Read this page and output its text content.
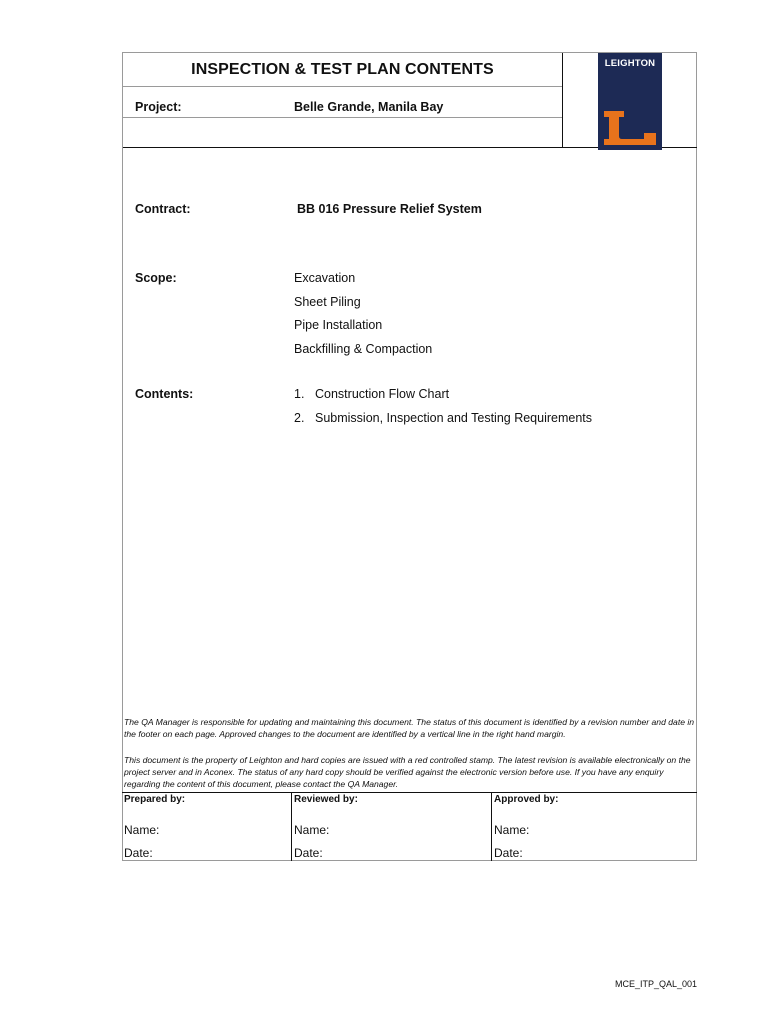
INSPECTION & TEST PLAN CONTENTS	LEIGHTON
Project:	Belle Grande, Manila Bay
Contract:	BB 016 Pressure Relief System
Scope:	Excavation
Sheet Piling
Pipe Installation
Backfilling & Compaction
Contents:	1. Construction Flow Chart
2. Submission, Inspection and Testing Requirements
The QA Manager is responsible for updating and maintaining this document. The status of this document is identified by a revision number and date in the footer on each page. Approved changes to the document are identified by a vertical line in the right hand margin.
This document is the property of Leighton and hard copies are issued with a red controlled stamp. The latest revision is available electronically on the project server and in Aconex. The status of any hard copy should be verified against the electronic version before use. If you have any enquiry regarding the content of this document, please contact the QA Manager.
Prepared by:	Reviewed by:	Approved by:
Name:	Name:	Name:
Date:	Date:	Date:
MCE_ITP_QAL_001
